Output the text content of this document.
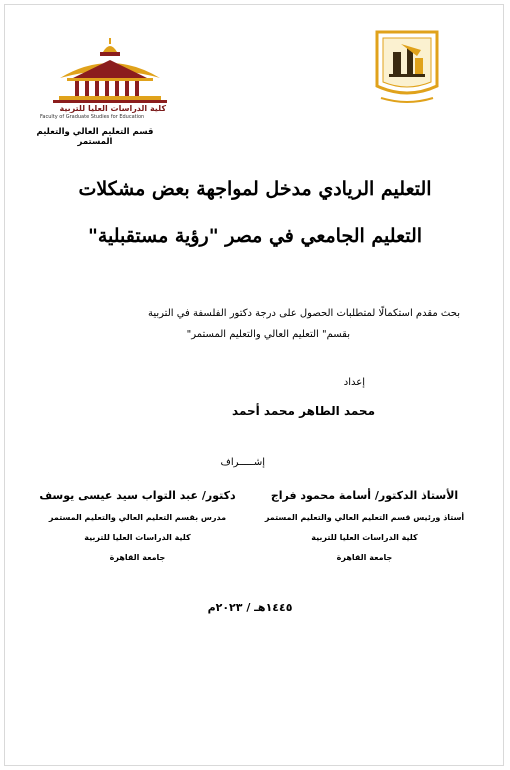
كلية الدراسات العليا للتربية
Faculty of Graduate Studies for Education
قسم التعليم العالي والتعليم المستمر
التعليم الريادي مدخل لمواجهة بعض مشكلات
التعليم الجامعي في مصر "رؤية مستقبلية"
بحث مقدم استكمالًا لمتطلبات الحصول على درجة دكتور الفلسفة في التربية
بقسم" التعليم العالي والتعليم المستمر"
إعداد
محمد الطاهر محمد أحمد
إشـــــراف
الأستاذ الدكتور/ أسامة محمود فراج
أستاذ ورئيس قسم التعليم العالي والتعليم المستمر
كلية الدراسات العليا للتربية
جامعة القاهرة
دكتور/ عبد التواب سيد عيسى يوسف
مدرس بقسم التعليم العالي والتعليم المستمر
كلية الدراسات العليا للتربية
جامعة القاهرة
١٤٤٥هـ / ٢٠٢٣م
